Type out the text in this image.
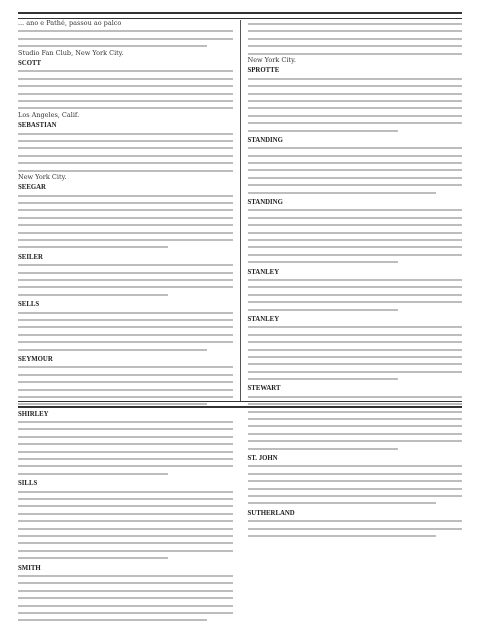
... ano e Pathé, passou ao palco
Studio Fan Club, New York City.
SCOTT
Los Angeles, Calif.
SEBASTIAN
New York City.
SEEGAR
SEILER
SELLS
SEYMOUR
SHIRLEY
SILLS
SMITH
New York City.
SPROTTE
STANDING
STANDING
STANLEY
STANLEY
STEWART
ST. JOHN
SUTHERLAND
